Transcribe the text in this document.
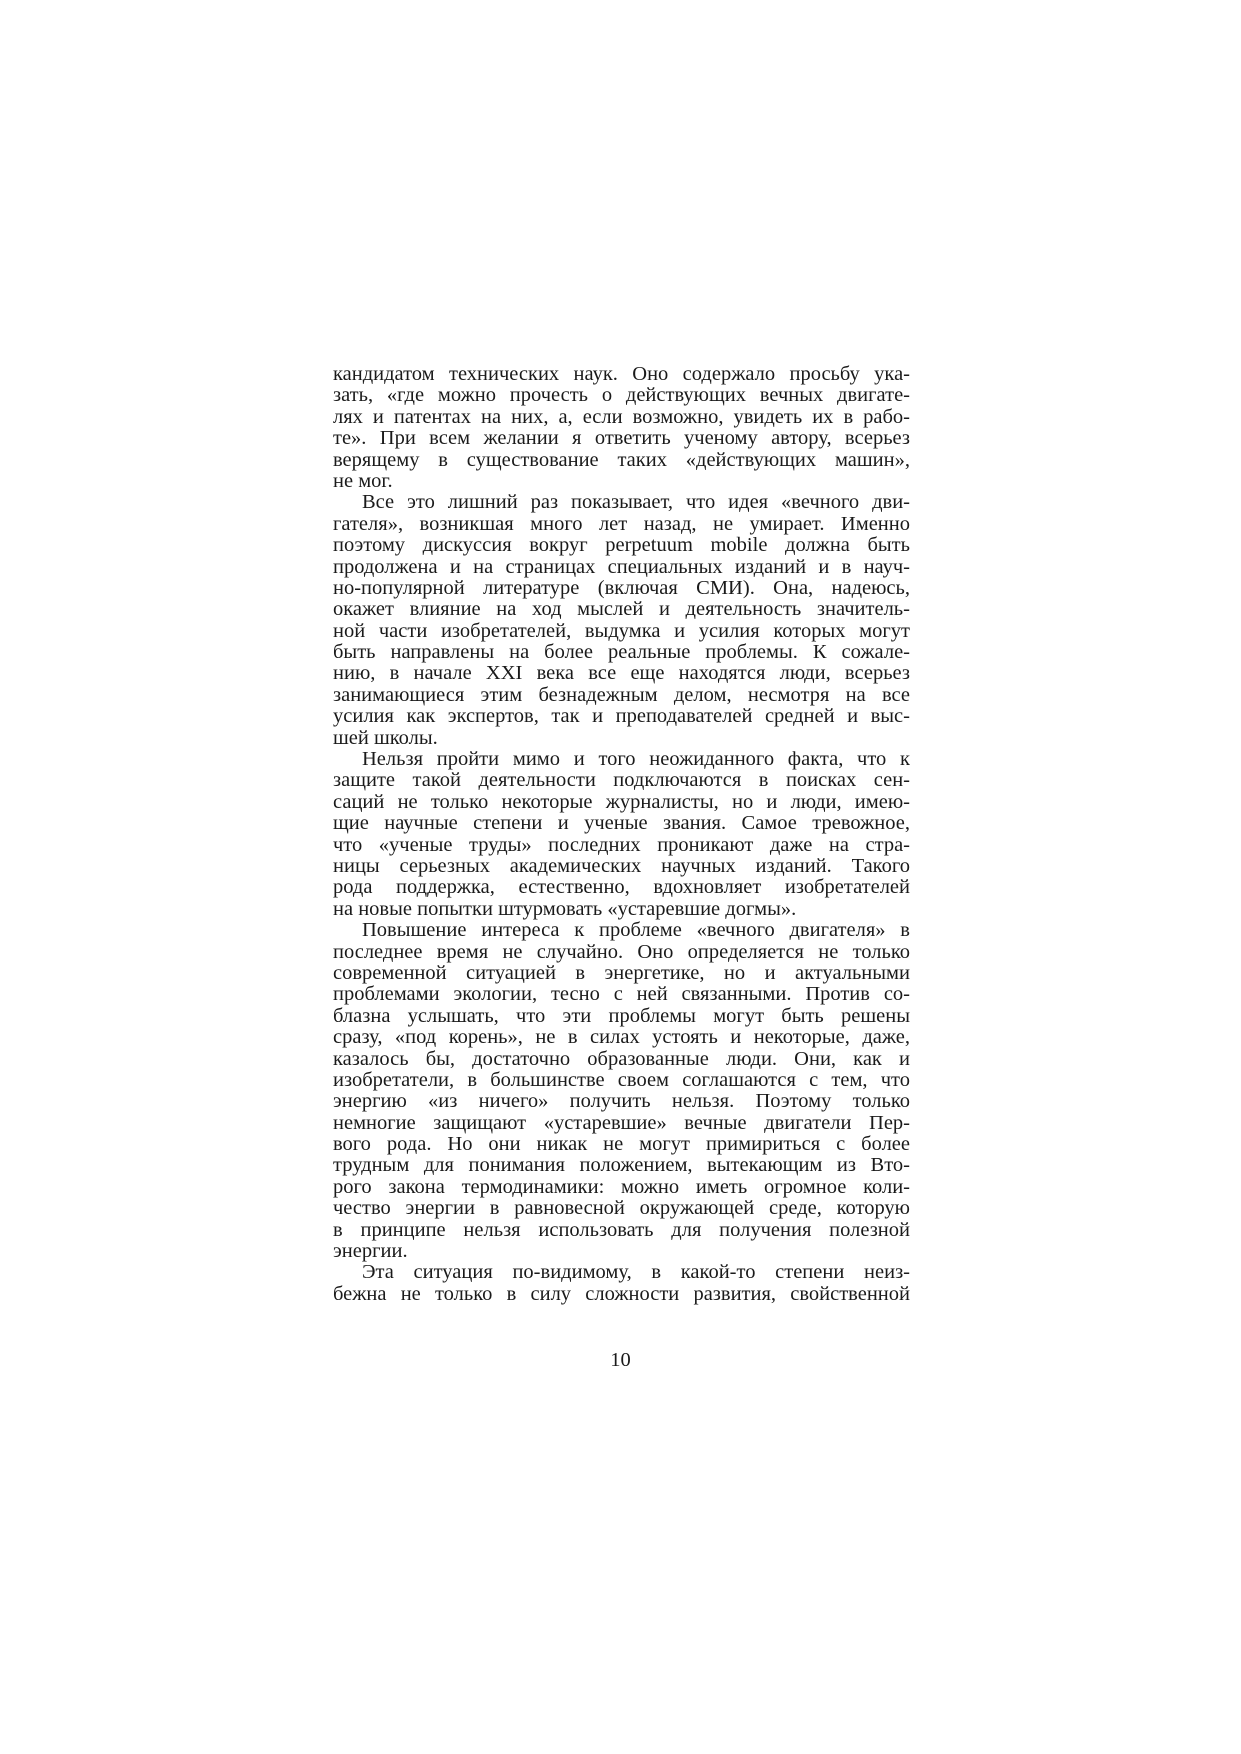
кандидатом технических наук. Оно содержало просьбу ука-
зать, «где можно прочесть о действующих вечных двигате-
лях и патентах на них, а, если возможно, увидеть их в рабо-
те». При всем желании я ответить ученому автору, всерьез
верящему в существование таких «действующих машин»,
не мог.
Все это лишний раз показывает, что идея «вечного дви-
гателя», возникшая много лет назад, не умирает. Именно
поэтому дискуссия вокруг perpetuum mobile должна быть
продолжена и на страницах специальных изданий и в науч-
но-популярной литературе (включая СМИ). Она, надеюсь,
окажет влияние на ход мыслей и деятельность значитель-
ной части изобретателей, выдумка и усилия которых могут
быть направлены на более реальные проблемы. К сожале-
нию, в начале XXI века все еще находятся люди, всерьез
занимающиеся этим безнадежным делом, несмотря на все
усилия как экспертов, так и преподавателей средней и выс-
шей школы.
Нельзя пройти мимо и того неожиданного факта, что к
защите такой деятельности подключаются в поисках сен-
саций не только некоторые журналисты, но и люди, имею-
щие научные степени и ученые звания. Самое тревожное,
что «ученые труды» последних проникают даже на стра-
ницы серьезных академических научных изданий. Такого
рода поддержка, естественно, вдохновляет изобретателей
на новые попытки штурмовать «устаревшие догмы».
Повышение интереса к проблеме «вечного двигателя» в
последнее время не случайно. Оно определяется не только
современной ситуацией в энергетике, но и актуальными
проблемами экологии, тесно с ней связанными. Против со-
блазна услышать, что эти проблемы могут быть решены
сразу, «под корень», не в силах устоять и некоторые, даже,
казалось бы, достаточно образованные люди. Они, как и
изобретатели, в большинстве своем соглашаются с тем, что
энергию «из ничего» получить нельзя. Поэтому только
немногие защищают «устаревшие» вечные двигатели Пер-
вого рода. Но они никак не могут примириться с более
трудным для понимания положением, вытекающим из Вто-
рого закона термодинамики: можно иметь огромное коли-
чество энергии в равновесной окружающей среде, которую
в принципе нельзя использовать для получения полезной
энергии.
Эта ситуация по-видимому, в какой-то степени неиз-
бежна не только в силу сложности развития, свойственной
10
